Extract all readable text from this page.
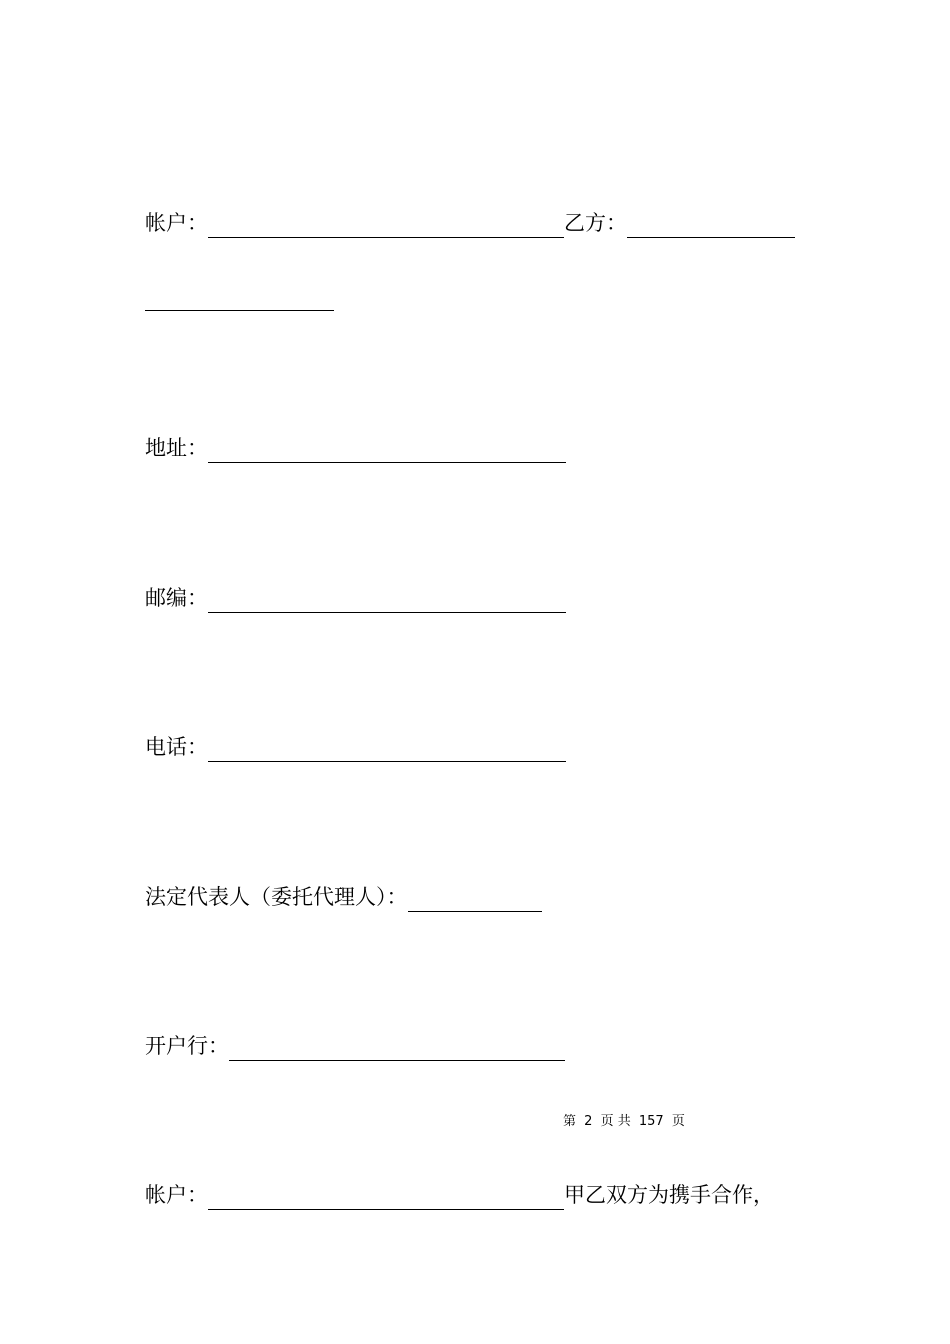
帐户：	乙方：
地址：
邮编：
电话：
法定代表人（委托代理人）：
开户行：
第 2 页 共 157 页
帐户：	甲乙双方为携手合作，
